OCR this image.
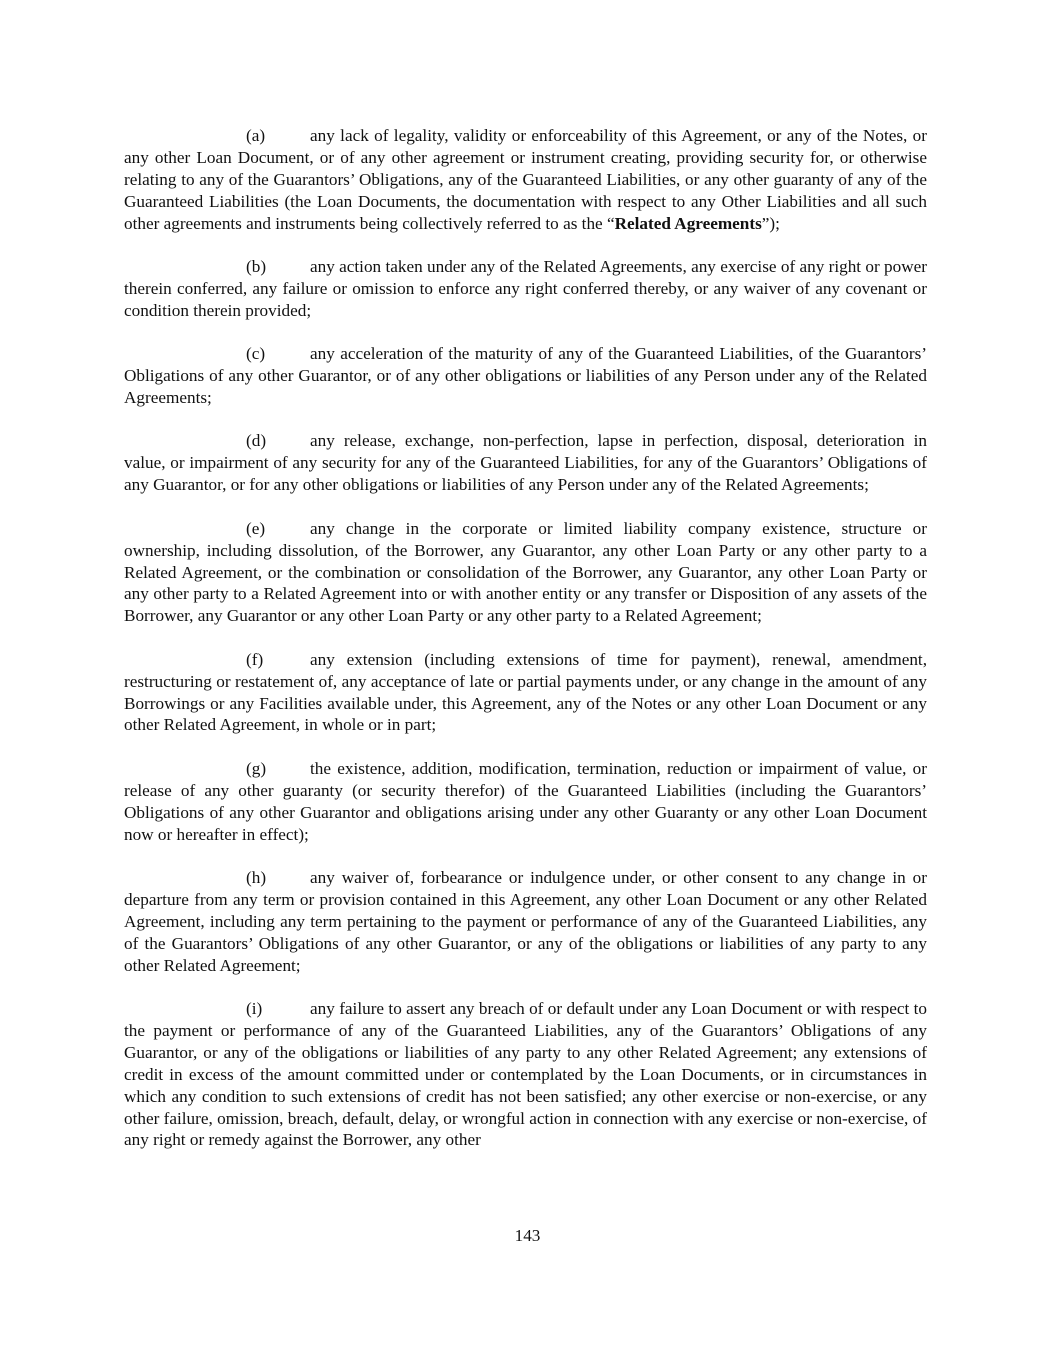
(a)	any lack of legality, validity or enforceability of this Agreement, or any of the Notes, or any other Loan Document, or of any other agreement or instrument creating, providing security for, or otherwise relating to any of the Guarantors’ Obligations, any of the Guaranteed Liabilities, or any other guaranty of any of the Guaranteed Liabilities (the Loan Documents, the documentation with respect to any Other Liabilities and all such other agreements and instruments being collectively referred to as the “Related Agreements”);

(b)	any action taken under any of the Related Agreements, any exercise of any right or power therein conferred, any failure or omission to enforce any right conferred thereby, or any waiver of any covenant or condition therein provided;

(c)	any acceleration of the maturity of any of the Guaranteed Liabilities, of the Guarantors’ Obligations of any other Guarantor, or of any other obligations or liabilities of any Person under any of the Related Agreements;

(d)	any release, exchange, non-perfection, lapse in perfection, disposal, deterioration in value, or impairment of any security for any of the Guaranteed Liabilities, for any of the Guarantors’ Obligations of any Guarantor, or for any other obligations or liabilities of any Person under any of the Related Agreements;

(e)	any change in the corporate or limited liability company existence, structure or ownership, including dissolution, of the Borrower, any Guarantor, any other Loan Party or any other party to a Related Agreement, or the combination or consolidation of the Borrower, any Guarantor, any other Loan Party or any other party to a Related Agreement into or with another entity or any transfer or Disposition of any assets of the Borrower, any Guarantor or any other Loan Party or any other party to a Related Agreement;

(f)	any extension (including extensions of time for payment), renewal, amendment, restructuring or restatement of, any acceptance of late or partial payments under, or any change in the amount of any Borrowings or any Facilities available under, this Agreement, any of the Notes or any other Loan Document or any other Related Agreement, in whole or in part;

(g)	the existence, addition, modification, termination, reduction or impairment of value, or release of any other guaranty (or security therefor) of the Guaranteed Liabilities (including the Guarantors’ Obligations of any other Guarantor and obligations arising under any other Guaranty or any other Loan Document now or hereafter in effect);

(h)	any waiver of, forbearance or indulgence under, or other consent to any change in or departure from any term or provision contained in this Agreement, any other Loan Document or any other Related Agreement, including any term pertaining to the payment or performance of any of the Guaranteed Liabilities, any of the Guarantors’ Obligations of any other Guarantor, or any of the obligations or liabilities of any party to any other Related Agreement;

(i)	any failure to assert any breach of or default under any Loan Document or with respect to the payment or performance of any of the Guaranteed Liabilities, any of the Guarantors’ Obligations of any Guarantor, or any of the obligations or liabilities of any party to any other Related Agreement; any extensions of credit in excess of the amount committed under or contemplated by the Loan Documents, or in circumstances in which any condition to such extensions of credit has not been satisfied; any other exercise or non-exercise, or any other failure, omission, breach, default, delay, or wrongful action in connection with any exercise or non-exercise, of any right or remedy against the Borrower, any other

143
